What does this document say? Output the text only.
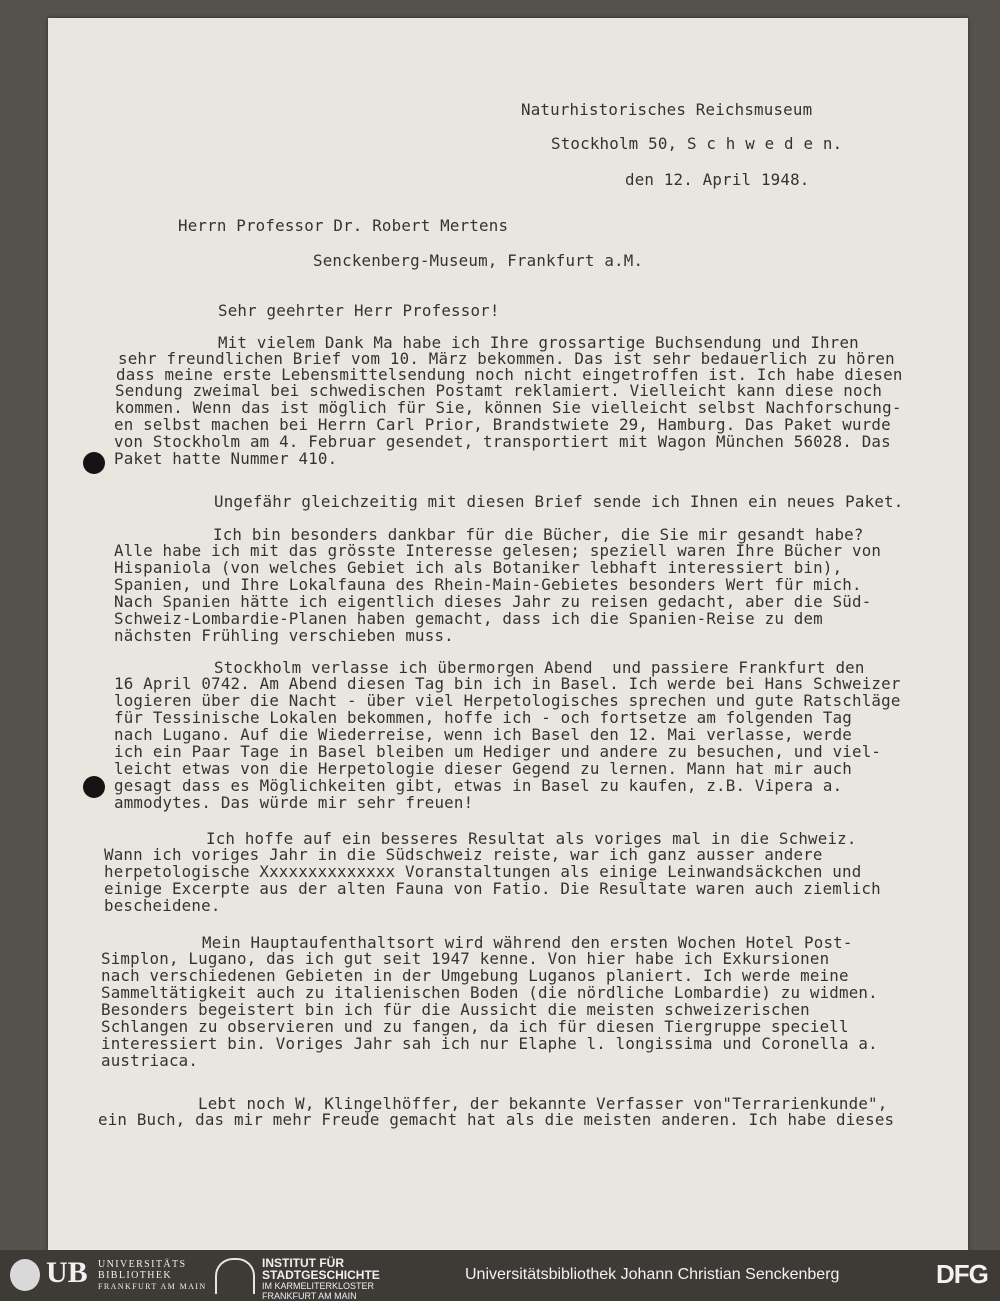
Naturhistorisches Reichsmuseum
Stockholm 50, S c h w e d e n.
den 12. April 1948.
Herrn Professor Dr. Robert Mertens
Senckenberg-Museum, Frankfurt a.M.
Sehr geehrter Herr Professor!
Mit vielem Dank Ma habe ich Ihre grossartige Buchsendung und Ihren
sehr freundlichen Brief vom 10. März bekommen. Das ist sehr bedauerlich zu hören
dass meine erste Lebensmittelsendung noch nicht eingetroffen ist. Ich habe diesen
Sendung zweimal bei schwedischen Postamt reklamiert. Vielleicht kann diese noch
kommen. Wenn das ist möglich für Sie, können Sie vielleicht selbst Nachforschung-
en selbst machen bei Herrn Carl Prior, Brandstwiete 29, Hamburg. Das Paket wurde
von Stockholm am 4. Februar gesendet, transportiert mit Wagon München 56028. Das
Paket hatte Nummer 410.
Ungefähr gleichzeitig mit diesen Brief sende ich Ihnen ein neues Paket.
Ich bin besonders dankbar für die Bücher, die Sie mir gesandt habe?
Alle habe ich mit das grösste Interesse gelesen; speziell waren Ihre Bücher von
Hispaniola (von welches Gebiet ich als Botaniker lebhaft interessiert bin),
Spanien, und Ihre Lokalfauna des Rhein-Main-Gebietes besonders Wert für mich.
Nach Spanien hätte ich eigentlich dieses Jahr zu reisen gedacht, aber die Süd-
Schweiz-Lombardie-Planen haben gemacht, dass ich die Spanien-Reise zu dem
nächsten Frühling verschieben muss.
Stockholm verlasse ich übermorgen Abend  und passiere Frankfurt den
16 April 0742. Am Abend diesen Tag bin ich in Basel. Ich werde bei Hans Schweizer
logieren über die Nacht - über viel Herpetologisches sprechen und gute Ratschläge
für Tessinische Lokalen bekommen, hoffe ich - och fortsetze am folgenden Tag
nach Lugano. Auf die Wiederreise, wenn ich Basel den 12. Mai verlasse, werde
ich ein Paar Tage in Basel bleiben um Hediger und andere zu besuchen, und viel-
leicht etwas von die Herpetologie dieser Gegend zu lernen. Mann hat mir auch
gesagt dass es Möglichkeiten gibt, etwas in Basel zu kaufen, z.B. Vipera a.
ammodytes. Das würde mir sehr freuen!
Ich hoffe auf ein besseres Resultat als voriges mal in die Schweiz.
Wann ich voriges Jahr in die Südschweiz reiste, war ich ganz ausser andere
herpetologische Xxxxxxxxxxxxxx Voranstaltungen als einige Leinwandsäckchen und
einige Excerpte aus der alten Fauna von Fatio. Die Resultate waren auch ziemlich
bescheidene.
Mein Hauptaufenthaltsort wird während den ersten Wochen Hotel Post-
Simplon, Lugano, das ich gut seit 1947 kenne. Von hier habe ich Exkursionen
nach verschiedenen Gebieten in der Umgebung Luganos planiert. Ich werde meine
Sammeltätigkeit auch zu italienischen Boden (die nördliche Lombardie) zu widmen.
Besonders begeistert bin ich für die Aussicht die meisten schweizerischen
Schlangen zu observieren und zu fangen, da ich für diesen Tiergruppe speciell
interessiert bin. Voriges Jahr sah ich nur Elaphe l. longissima und Coronella a.
austriaca.
Lebt noch W, Klingelhöffer, der bekannte Verfasser von"Terrarienkunde",
ein Buch, das mir mehr Freude gemacht hat als die meisten anderen. Ich habe dieses
UB UNIVERSITÄTS
BIBLIOTHEK
FRANKFURT AM MAIN
INSTITUT FÜR
STADTGESCHICHTE
IM KARMELITERKLOSTER
FRANKFURT AM MAIN
Universitätsbibliothek Johann Christian Senckenberg	DFG
